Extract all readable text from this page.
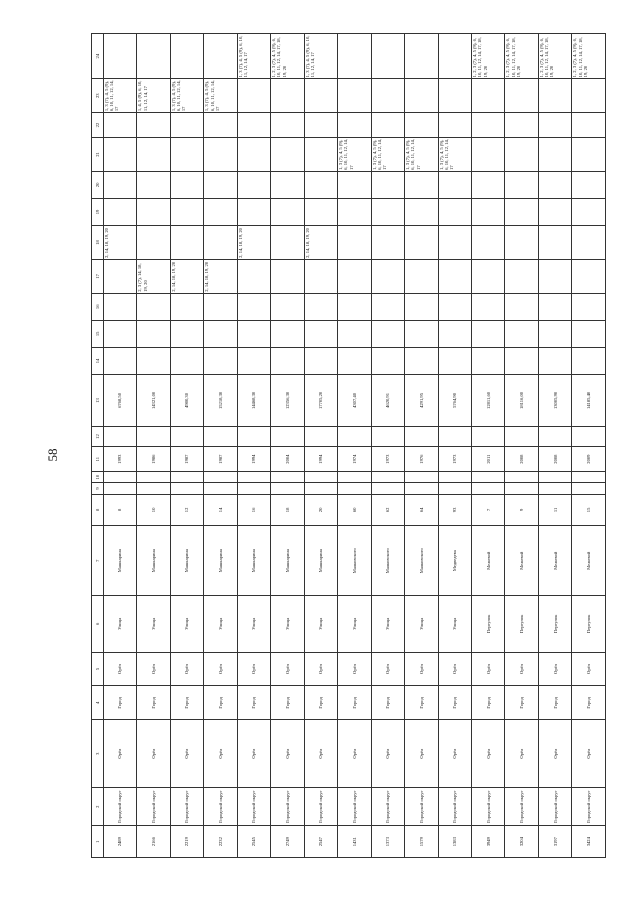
58
1	2	3	4	5	6	7	8	9	10	11	12	13	14	15	16	17	18	19	20	21	22	23	24
2489	Городской округ	Орёл	Город	Орёл	Улица	Машкарина	8			1993		6768,50					2, 14, 18, 19, 20					1, 3 (7), 4, 5 (9), 6, 10, 11, 12, 14, 17	
2166	Городской округ	Орёл	Город	Орёл	Улица	Машкарина	10			1986		14321,00				2, 3 (7), 14, 18, 19, 20						1, 4, 5 (9), 6, 10, 11, 12, 14, 17	
2219	Городской округ	Орёл	Город	Орёл	Улица	Машкарина	12			1987		4980,30				2, 14, 18, 19, 20						1, 3 (7), 4, 5 (9), 6, 10, 11, 12, 14, 17	
2232	Городской округ	Орёл	Город	Орёл	Улица	Машкарина	14			1987		15218,30				2, 14, 18, 19, 20						1, 3 (7), 4, 5 (9), 6, 10, 11, 12, 14, 17	
2545	Городской округ	Орёл	Город	Орёл	Улица	Машкарина	16			1994		14468,30					2, 14, 18, 19, 20						1, 3 (7), 4, 5 (9), 6, 10, 11, 12, 14, 17
2749	Городской округ	Орёл	Город	Орёл	Улица	Машкарина	18			2004		12356,30											1, 2, 3 (7), 4, 5 (9), 6, 10, 11, 12, 14, 17, 18, 19, 20
2547	Городской округ	Орёл	Город	Орёл	Улица	Машкарина	20			1994		17705,20					2, 14, 18, 19, 20						1, 3 (7), 4, 5 (9), 6, 10, 11, 12, 14, 17
1431	Городской округ	Орёл	Город	Орёл	Улица	Маяковского	60			1974		4307,40								1, 3 (7), 4, 5 (9), 6, 10, 11, 12, 14, 17			
1373	Городской округ	Орёл	Город	Орёл	Улица	Маяковского	62			1973		4620,91								1, 3 (7), 4, 5 (9), 6, 10, 11, 12, 14, 17			
1579	Городской округ	Орёл	Город	Орёл	Улица	Маяковского	64			1976		4291,95								1, 3 (7), 4, 5 (9), 6, 10, 11, 12, 14, 17			
1383	Городской округ	Орёл	Город	Орёл	Улица	Медведева	93			1973		5764,90								1, 3 (7), 4, 5 (9), 6, 10, 11, 12, 14, 17			
3949	Городской округ	Орёл	Город	Орёл	Переулок	Межевой	7			2011		12811,60											1, 2, 3 (7), 4, 5 (9), 6, 10, 11, 12, 14, 17, 18, 19, 20
3204	Городской округ	Орёл	Город	Орёл	Переулок	Межевой	9			2008		18116,00											1, 2, 3 (7), 4, 5 (9), 6, 10, 11, 12, 14, 17, 18, 19, 20
3197	Городской округ	Орёл	Город	Орёл	Переулок	Межевой	11			2008		13005,90											1, 2, 3 (7), 4, 5 (9), 6, 10, 11, 12, 14, 17, 18, 19, 20
3424	Городской округ	Орёл	Город	Орёл	Переулок	Межевой	15			2009		14185,40											1, 2, 3 (7), 4, 5 (9), 6, 10, 11, 12, 14, 17, 18, 19, 20
